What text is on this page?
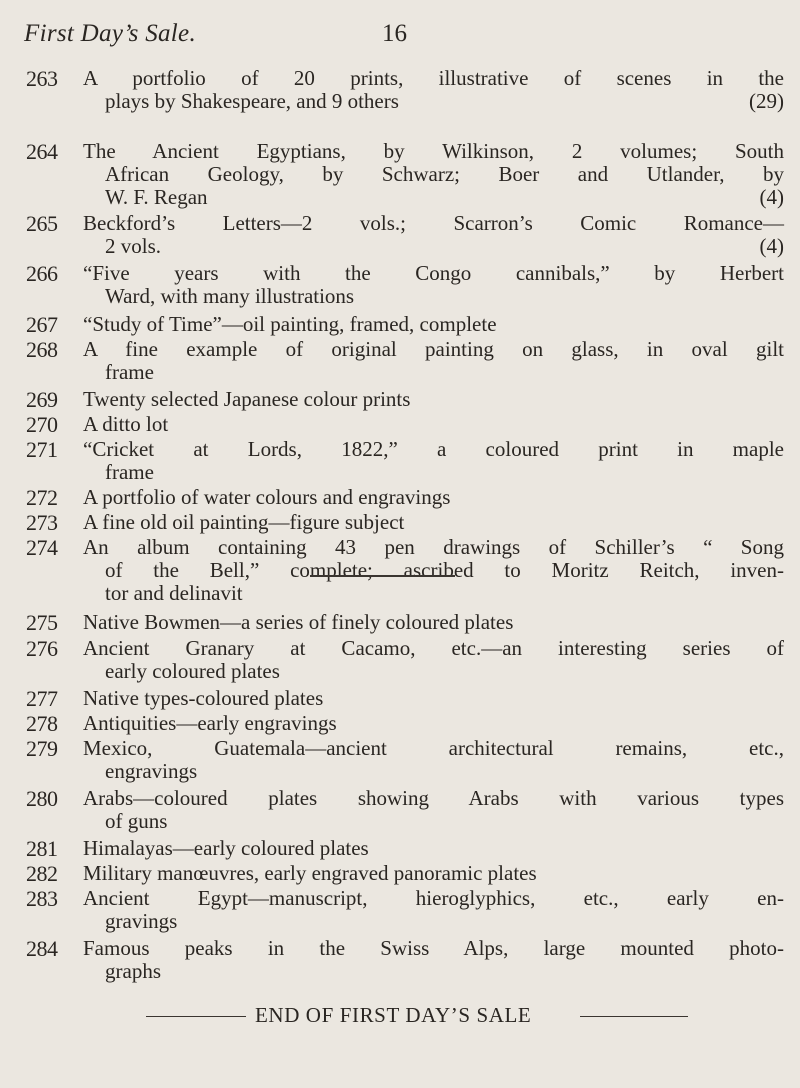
First Day’s Sale.	16
263 A portfolio of 20 prints, illustrative of scenes in the
plays by Shakespeare, and 9 others	(29)
264 The Ancient Egyptians, by Wilkinson, 2 volumes; South
African Geology, by Schwarz; Boer and Utlander, by
W. F. Regan	(4)
265 Beckford’s Letters—2 vols.; Scarron’s Comic Romance—
2 vols.	(4)
266 “Five years with the Congo cannibals,” by Herbert
Ward, with many illustrations
267 “Study of Time”—oil painting, framed, complete
268 A fine example of original painting on glass, in oval gilt
frame
269 Twenty selected Japanese colour prints
270 A ditto lot
271 “Cricket at Lords, 1822,” a coloured print in maple
frame
272 A portfolio of water colours and engravings
273 A fine old oil painting—figure subject
274 An album containing 43 pen drawings of Schiller’s “ Song
of the Bell,” complete; ascribed to Moritz Reitch, inven-
tor and delinavit
275 Native Bowmen—a series of finely coloured plates
276 Ancient Granary at Cacamo, etc.—an interesting series of
early coloured plates
277 Native types-coloured plates
278 Antiquities—early engravings
279 Mexico, Guatemala—ancient architectural remains, etc.,
engravings
280 Arabs—coloured plates showing Arabs with various types
of guns
281 Himalayas—early coloured plates
282 Military manœuvres, early engraved panoramic plates
283 Ancient Egypt—manuscript, hieroglyphics, etc., early en-
gravings
284 Famous peaks in the Swiss Alps, large mounted photo-
graphs
END OF FIRST DAY’S SALE
